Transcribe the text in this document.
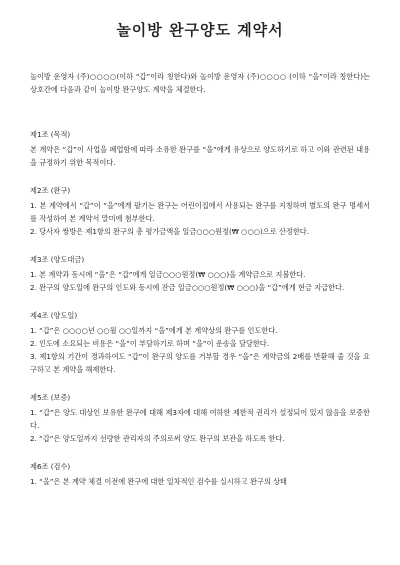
놀이방 완구양도 계약서
놀이방 운영자 (주)○○○○(이하 “갑”이라 칭한다)와 놀이방 운영자 (주)○○○○ (이하 “을”이라 칭한다)는 상호간에 다음과 같이 놀이방 완구양도 계약을 체결한다.
제1조 (목적)
본 계약은 “갑”이 사업을 폐업함에 따라 소유한 완구를 “을”에게 유상으로 양도하기로 하고 이와 관련된 내용을 규정하기 위한 목적이다.
제2조 (완구)
1. 본 계약에서 “갑”이 “을”에게 팔기는 완구는 어린이집에서 사용되는 완구를 지칭하며 별도의 완구 명세서를 작성하여 본 계약서 말미에 첨부한다.
2. 당사자 쌍방은 제1항의 완구의 총 평가금액을 일금○○○원정(₩ ○○○)으로 산정한다.
제3조 (양도대금)
1. 본 계약과 동시에 “을”은 “갑”에게 일금○○○원정(₩ ○○○)을 계약금으로 지불한다.
2. 완구의 양도일에 완구의 인도와 동시에 잔금 일금○○○원정(₩ ○○○)을 “갑”에게 현금 지급한다.
제4조 (양도일)
1. “갑”은 ○○○○년 ○○월 ○○일까지 “을”에게 본 계약상의 완구를 인도한다.
2. 인도에 소요되는 비용은 “을”이 부담하기로 하며 “을”이 운송을 담당한다.
3. 제1항의 기간이 경과하여도 “갑”이 완구의 양도를 거부할 경우 “을”은 계약금의 2배를 반환해 줄 것을 요구하고 본 계약을 해제한다.
제5조 (보증)
1. “갑”은 양도 대상인 보유한 완구에 대해 제3자에 대해 여하한 제한적 권리가 설정되어 있지 않음을 보증한다.
2. “갑”은 양도일까지 선량한 관리자의 주의로써 양도 완구의 보관을 하도록 한다.
제6조 (검수)
1. “을”은 본 계약 체결 이전에 완구에 대한 일차적인 검수를 실시하고 완구의 상태
